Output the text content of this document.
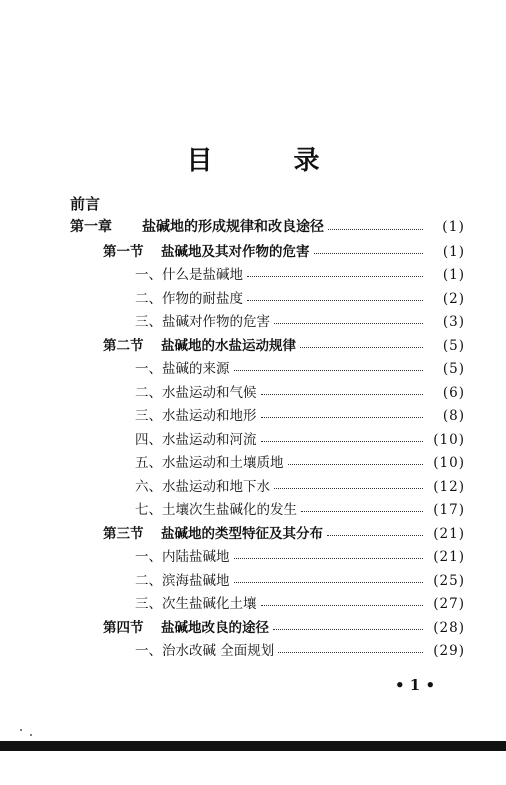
目 录
前言
第一章	盐碱地的形成规律和改良途径	(1)
第一节	盐碱地及其对作物的危害	(1)
一、什么是盐碱地	(1)
二、作物的耐盐度	(2)
三、盐碱对作物的危害	(3)
第二节	盐碱地的水盐运动规律	(5)
一、盐碱的来源	(5)
二、水盐运动和气候	(6)
三、水盐运动和地形	(8)
四、水盐运动和河流	(10)
五、水盐运动和土壤质地	(10)
六、水盐运动和地下水	(12)
七、土壤次生盐碱化的发生	(17)
第三节	盐碱地的类型特征及其分布	(21)
一、内陆盐碱地	(21)
二、滨海盐碱地	(25)
三、次生盐碱化土壤	(27)
第四节	盐碱地改良的途径	(28)
一、治水改碱 全面规划	(29)
• 1 •
